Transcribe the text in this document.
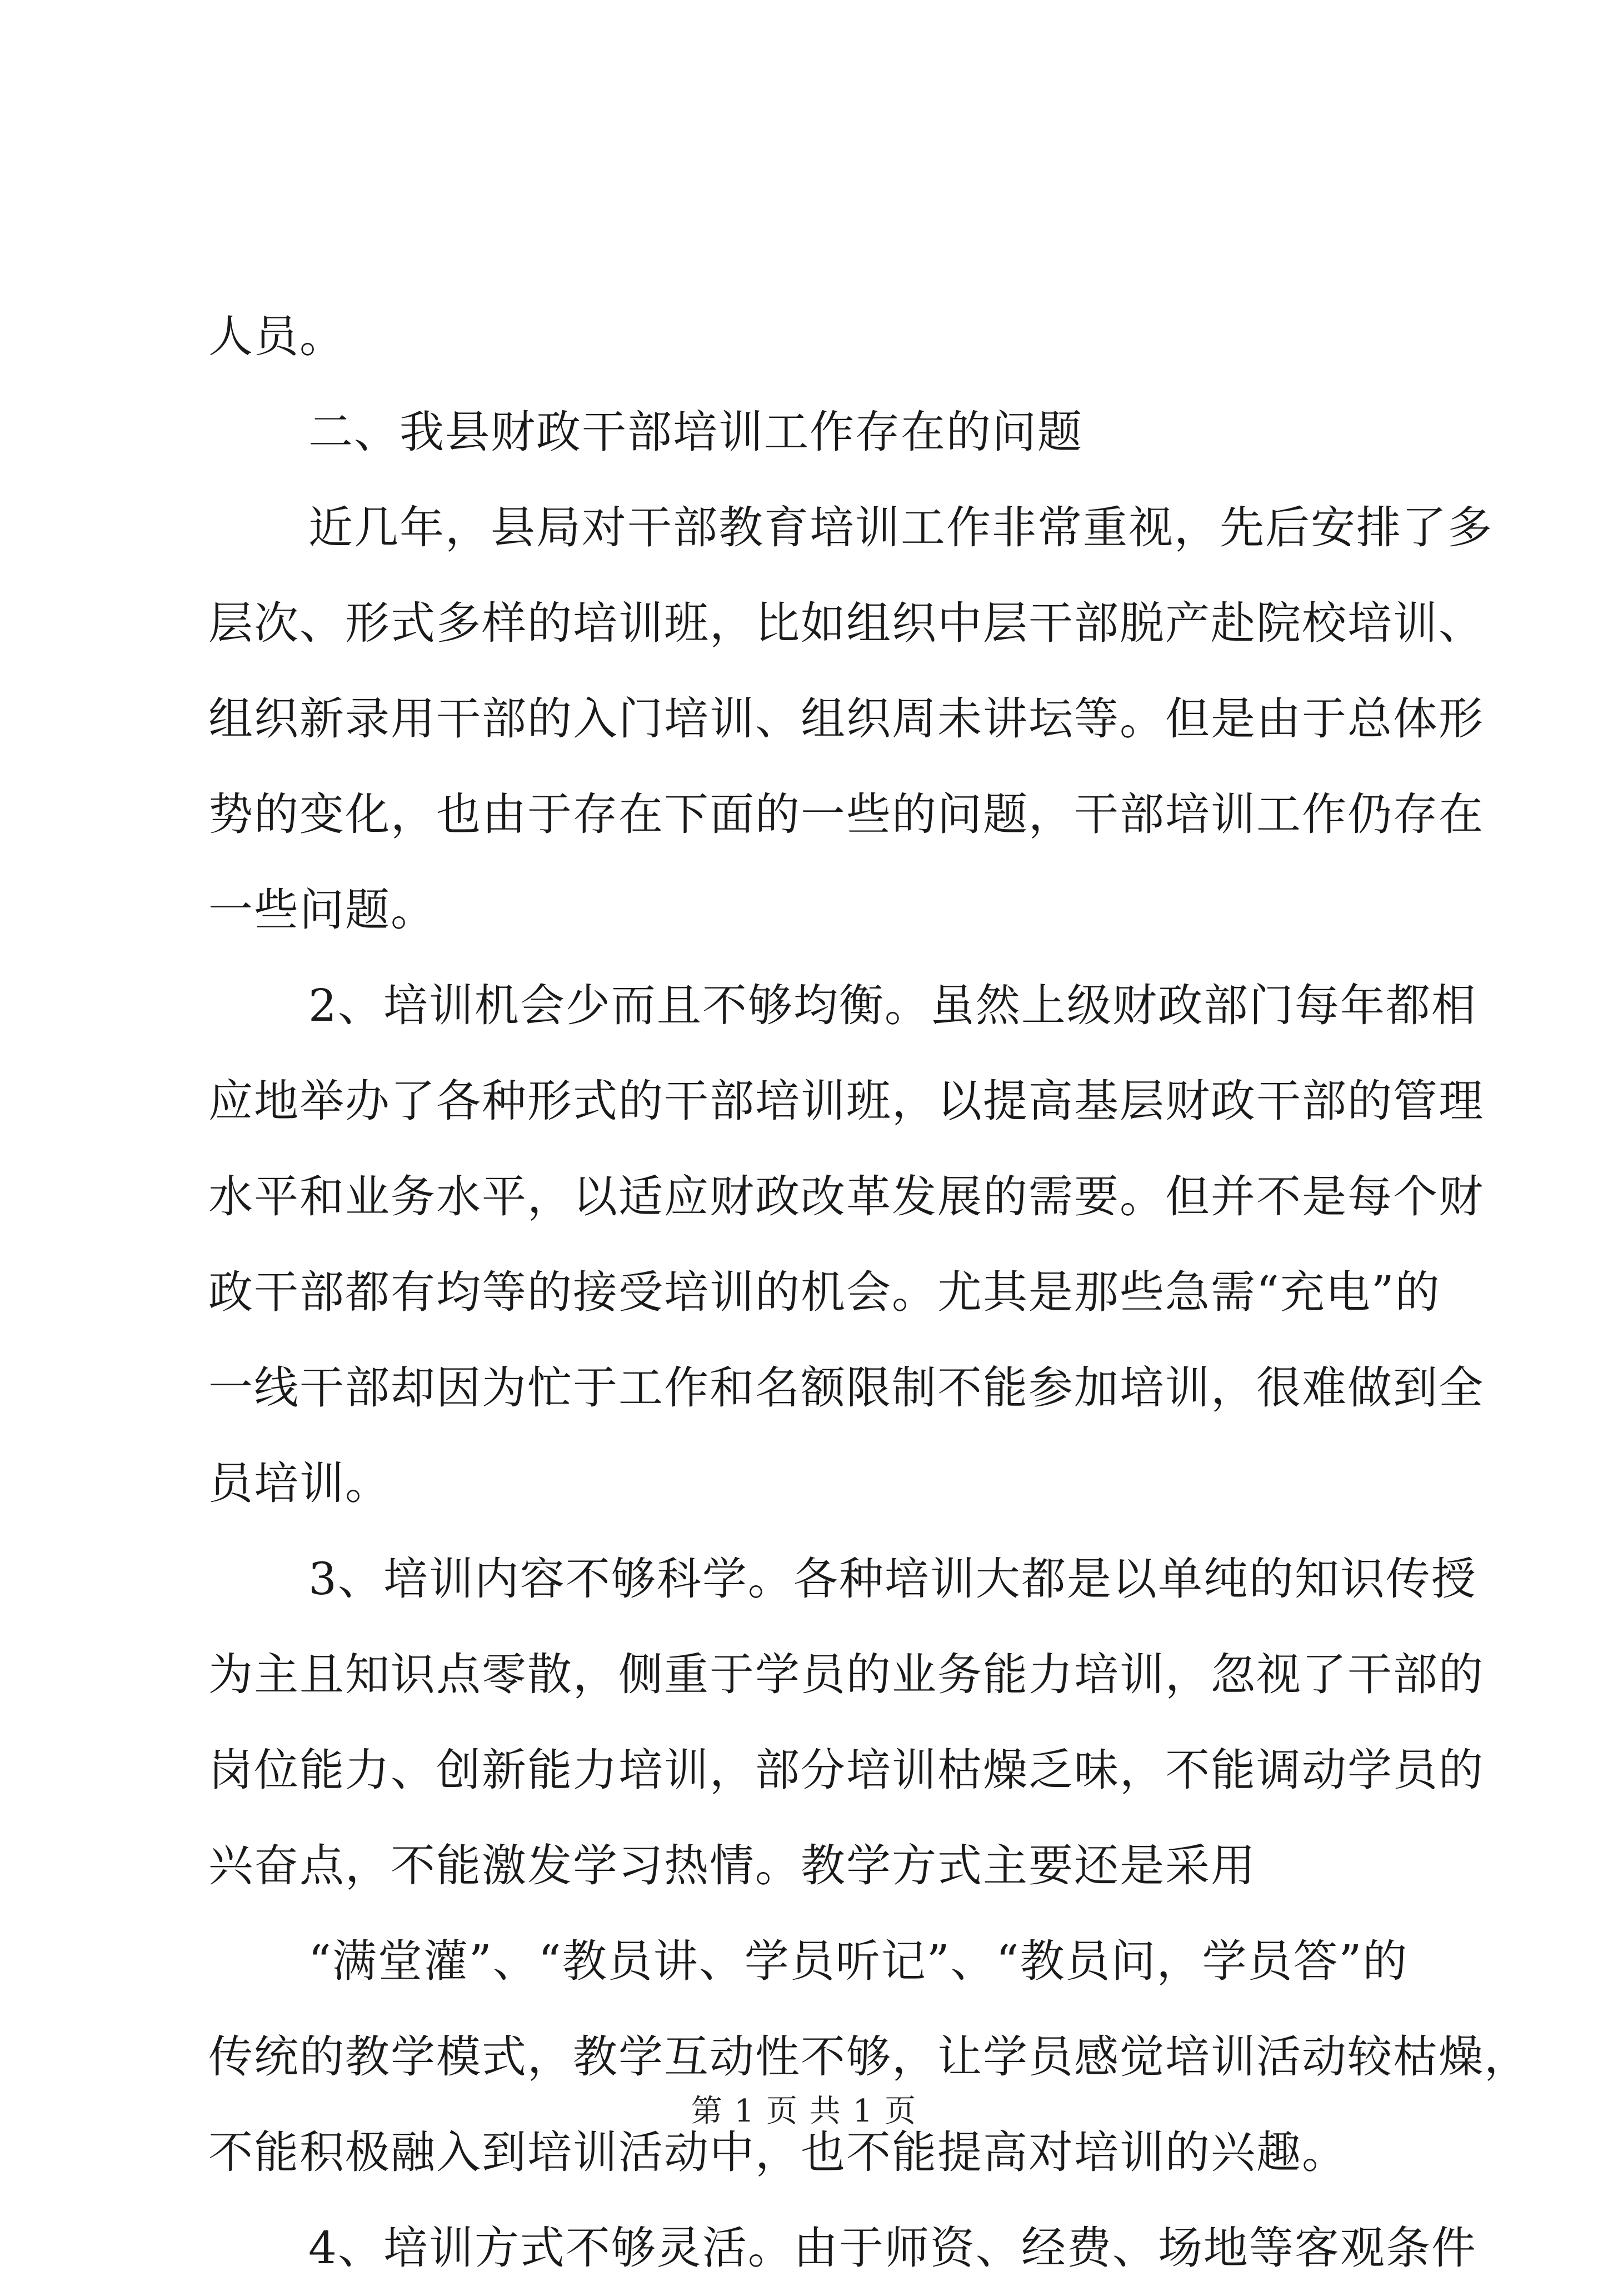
人员。
二、我县财政干部培训工作存在的问题
近几年，县局对干部教育培训工作非常重视，先后安排了多
层次、形式多样的培训班，比如组织中层干部脱产赴院校培训、
组织新录用干部的入门培训、组织周未讲坛等。但是由于总体形
势的变化，也由于存在下面的一些的问题，干部培训工作仍存在
一些问题。
2、培训机会少而且不够均衡。虽然上级财政部门每年都相
应地举办了各种形式的干部培训班，以提高基层财政干部的管理
水平和业务水平，以适应财政改革发展的需要。但并不是每个财
政干部都有均等的接受培训的机会。尤其是那些急需“充电”的
一线干部却因为忙于工作和名额限制不能参加培训，很难做到全
员培训。
3、培训内容不够科学。各种培训大都是以单纯的知识传授
为主且知识点零散，侧重于学员的业务能力培训，忽视了干部的
岗位能力、创新能力培训，部分培训枯燥乏味，不能调动学员的
兴奋点，不能激发学习热情。教学方式主要还是采用
“满堂灌”、“教员讲、学员听记”、“教员问，学员答”的
传统的教学模式，教学互动性不够，让学员感觉培训活动较枯燥，
不能积极融入到培训活动中，也不能提高对培训的兴趣。
4、培训方式不够灵活。由于师资、经费、场地等客观条件
第 1 页 共 1 页
